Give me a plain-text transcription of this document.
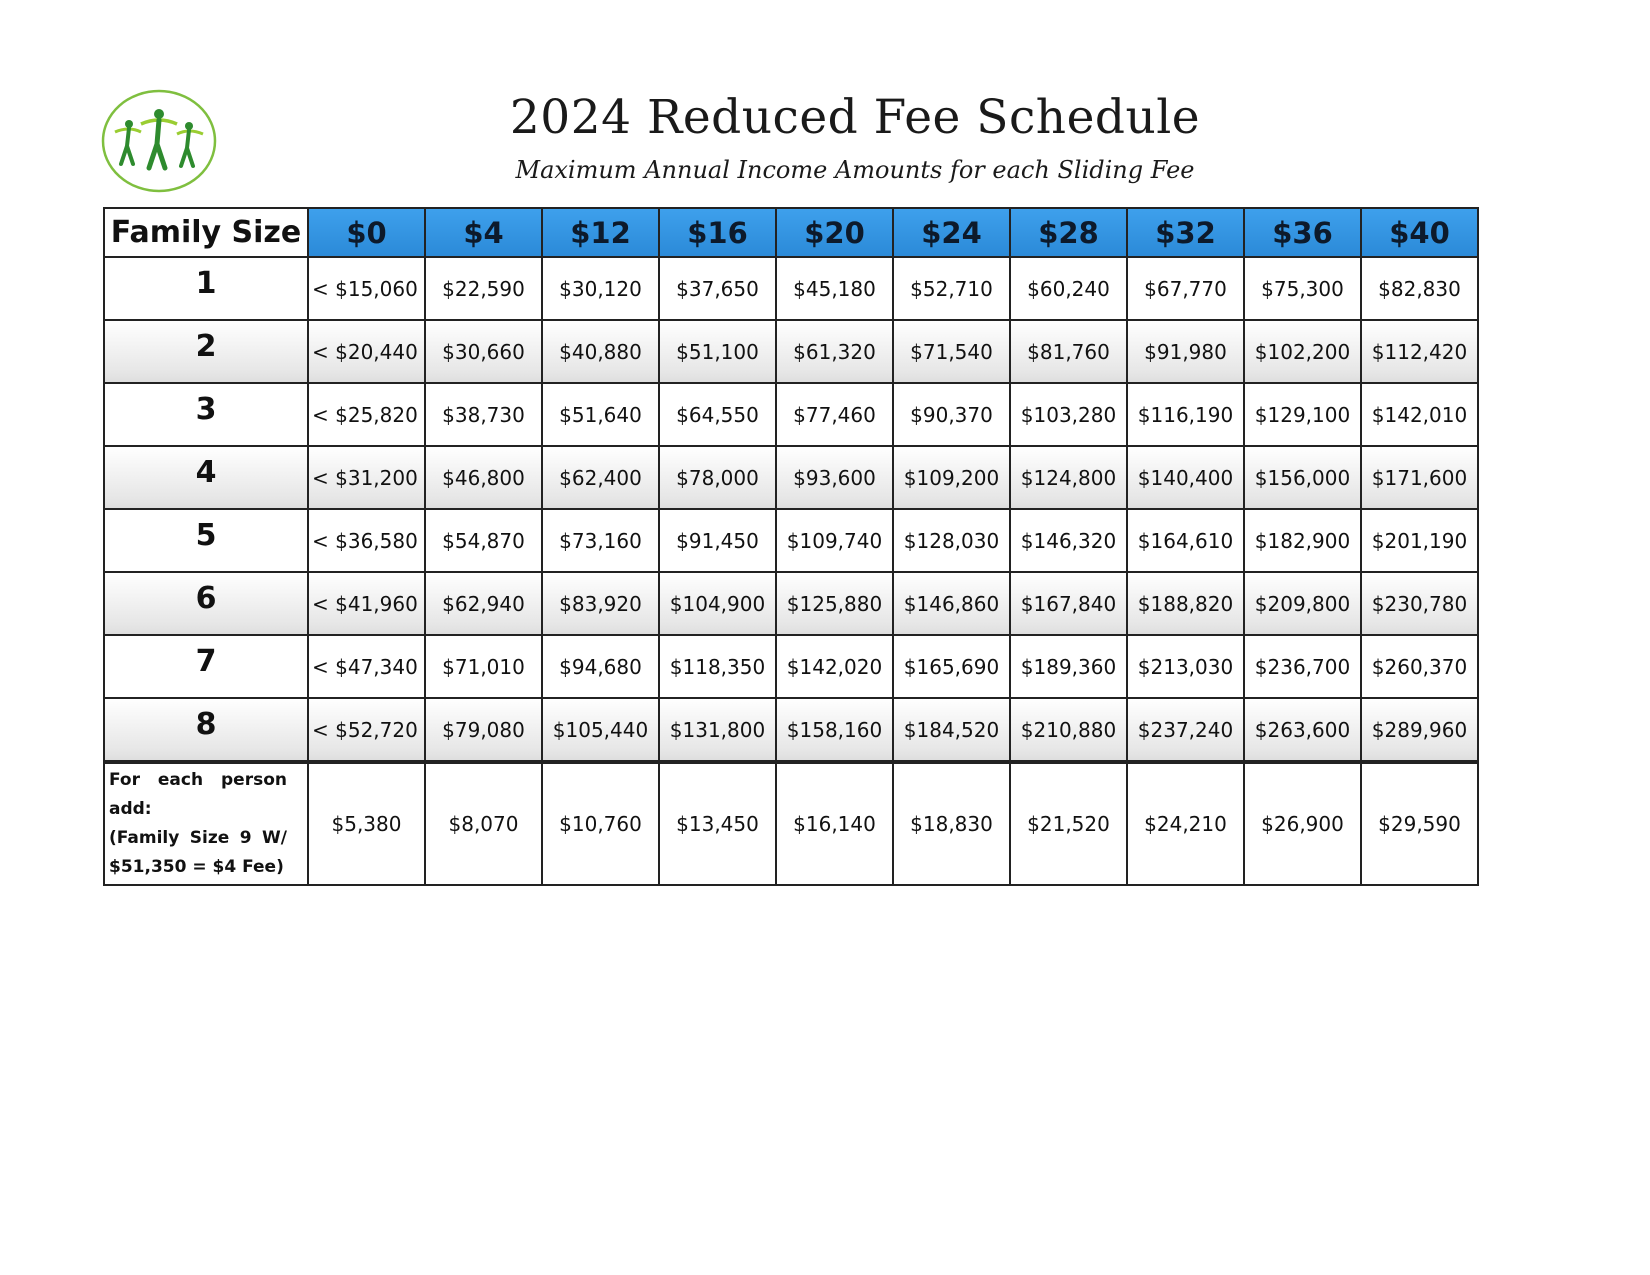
2024 Reduced Fee Schedule
Maximum Annual Income Amounts for each Sliding Fee
Family Size	$0	$4	$12	$16	$20	$24	$28	$32	$36	$40
1	< $15,060	$22,590	$30,120	$37,650	$45,180	$52,710	$60,240	$67,770	$75,300	$82,830
2	< $20,440	$30,660	$40,880	$51,100	$61,320	$71,540	$81,760	$91,980	$102,200	$112,420
3	< $25,820	$38,730	$51,640	$64,550	$77,460	$90,370	$103,280	$116,190	$129,100	$142,010
4	< $31,200	$46,800	$62,400	$78,000	$93,600	$109,200	$124,800	$140,400	$156,000	$171,600
5	< $36,580	$54,870	$73,160	$91,450	$109,740	$128,030	$146,320	$164,610	$182,900	$201,190
6	< $41,960	$62,940	$83,920	$104,900	$125,880	$146,860	$167,840	$188,820	$209,800	$230,780
7	< $47,340	$71,010	$94,680	$118,350	$142,020	$165,690	$189,360	$213,030	$236,700	$260,370
8	< $52,720	$79,080	$105,440	$131,800	$158,160	$184,520	$210,880	$237,240	$263,600	$289,960
For each person add:
(Family Size 9 W/ $51,350 = $4 Fee)	$5,380	$8,070	$10,760	$13,450	$16,140	$18,830	$21,520	$24,210	$26,900	$29,590
